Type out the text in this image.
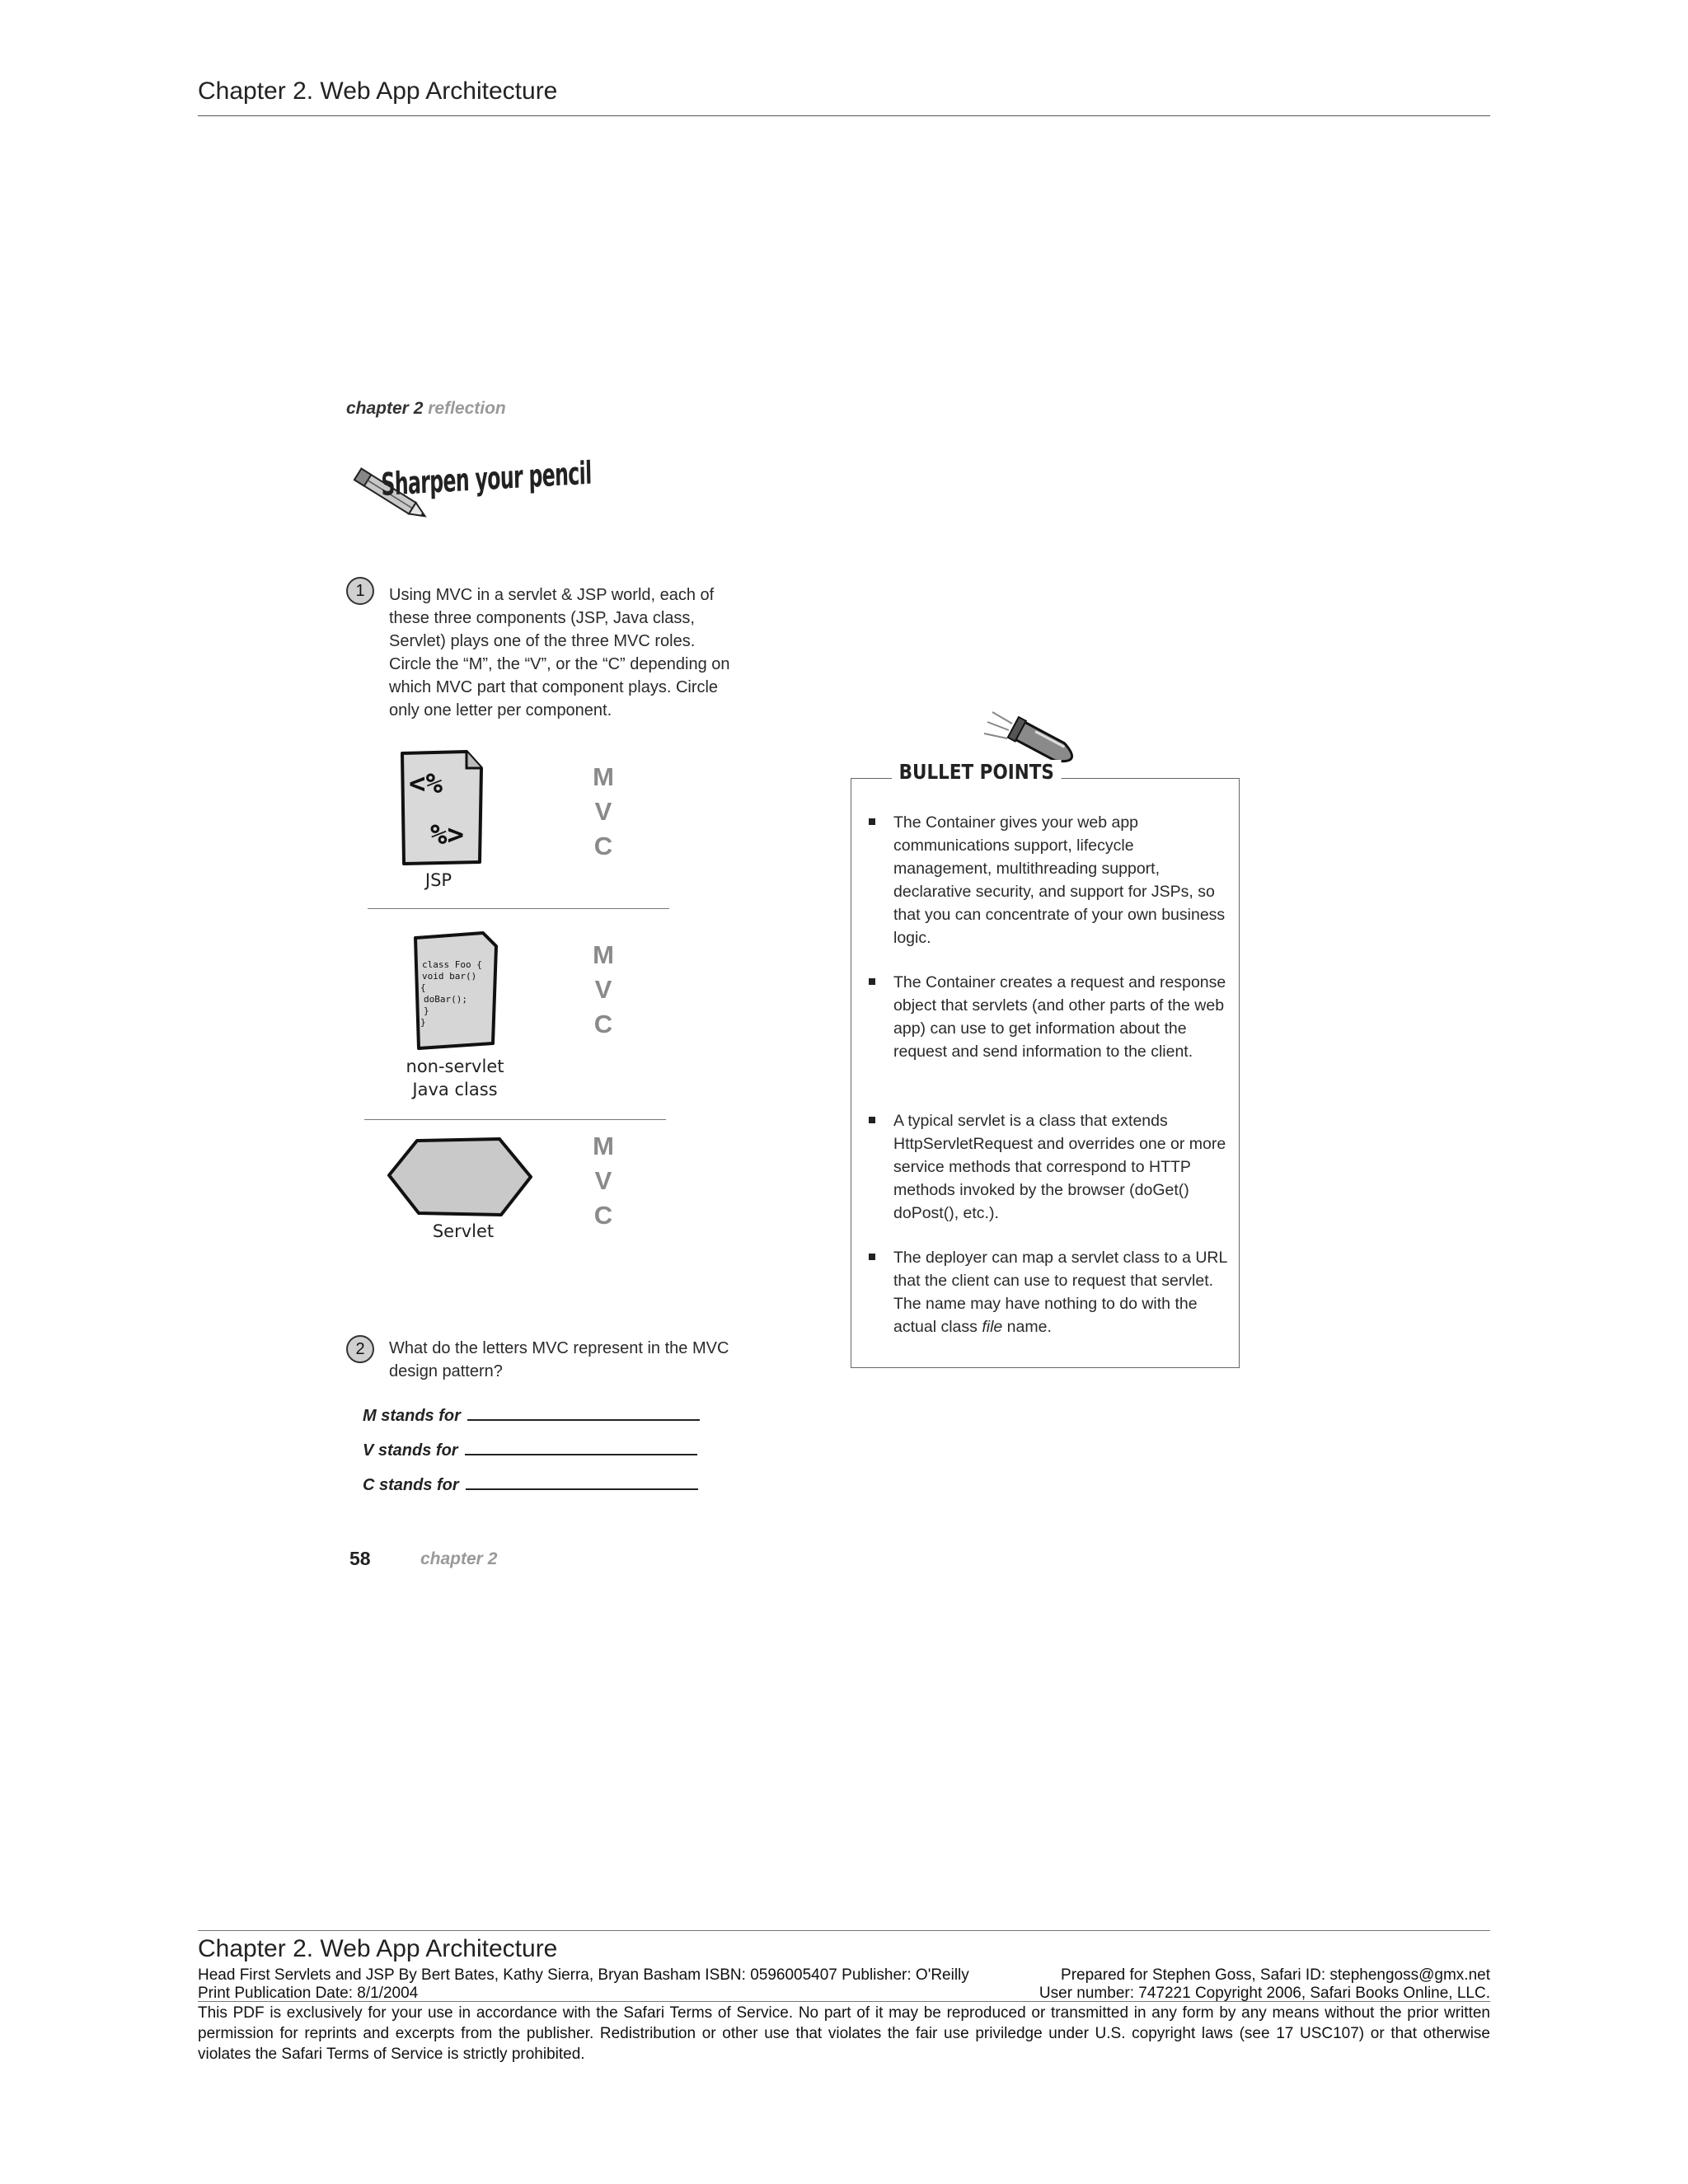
Chapter 2. Web App Architecture
chapter 2 reflection
Sharpen your pencil
1	Using MVC in a servlet & JSP world, each of these three components (JSP, Java class, Servlet) plays one of the three MVC roles. Circle the “M”, the “V”, or the “C” depending on which MVC part that component plays. Circle only one letter per component.
<%
%>
JSP
M
V
C
class Foo {
void bar()
{
doBar();
}
}
non-servlet
Java class
M
V
C
Servlet
M
V
C
2	What do the letters MVC represent in the MVC design pattern?
M stands for
V stands for
C stands for
58	chapter 2
BULLET POINTS
The Container gives your web app communications support, lifecycle management, multithreading support, declarative security, and support for JSPs, so that you can concentrate of your own business logic.
The Container creates a request and response object that servlets (and other parts of the web app) can use to get information about the request and send information to the client.
A typical servlet is a class that extends HttpServletRequest and overrides one or more service methods that correspond to HTTP methods invoked by the browser (doGet() doPost(), etc.).
The deployer can map a servlet class to a URL that the client can use to request that servlet. The name may have nothing to do with the actual class file name.
Chapter 2. Web App Architecture
Head First Servlets and JSP By Bert Bates, Kathy Sierra, Bryan Basham ISBN: 0596005407 Publisher: O'Reilly	Prepared for Stephen Goss, Safari ID: stephengoss@gmx.net
Print Publication Date: 8/1/2004	User number: 747221 Copyright 2006, Safari Books Online, LLC.
This PDF is exclusively for your use in accordance with the Safari Terms of Service. No part of it may be reproduced or transmitted in any form by any means without the prior written permission for reprints and excerpts from the publisher. Redistribution or other use that violates the fair use priviledge under U.S. copyright laws (see 17 USC107) or that otherwise violates the Safari Terms of Service is strictly prohibited.
